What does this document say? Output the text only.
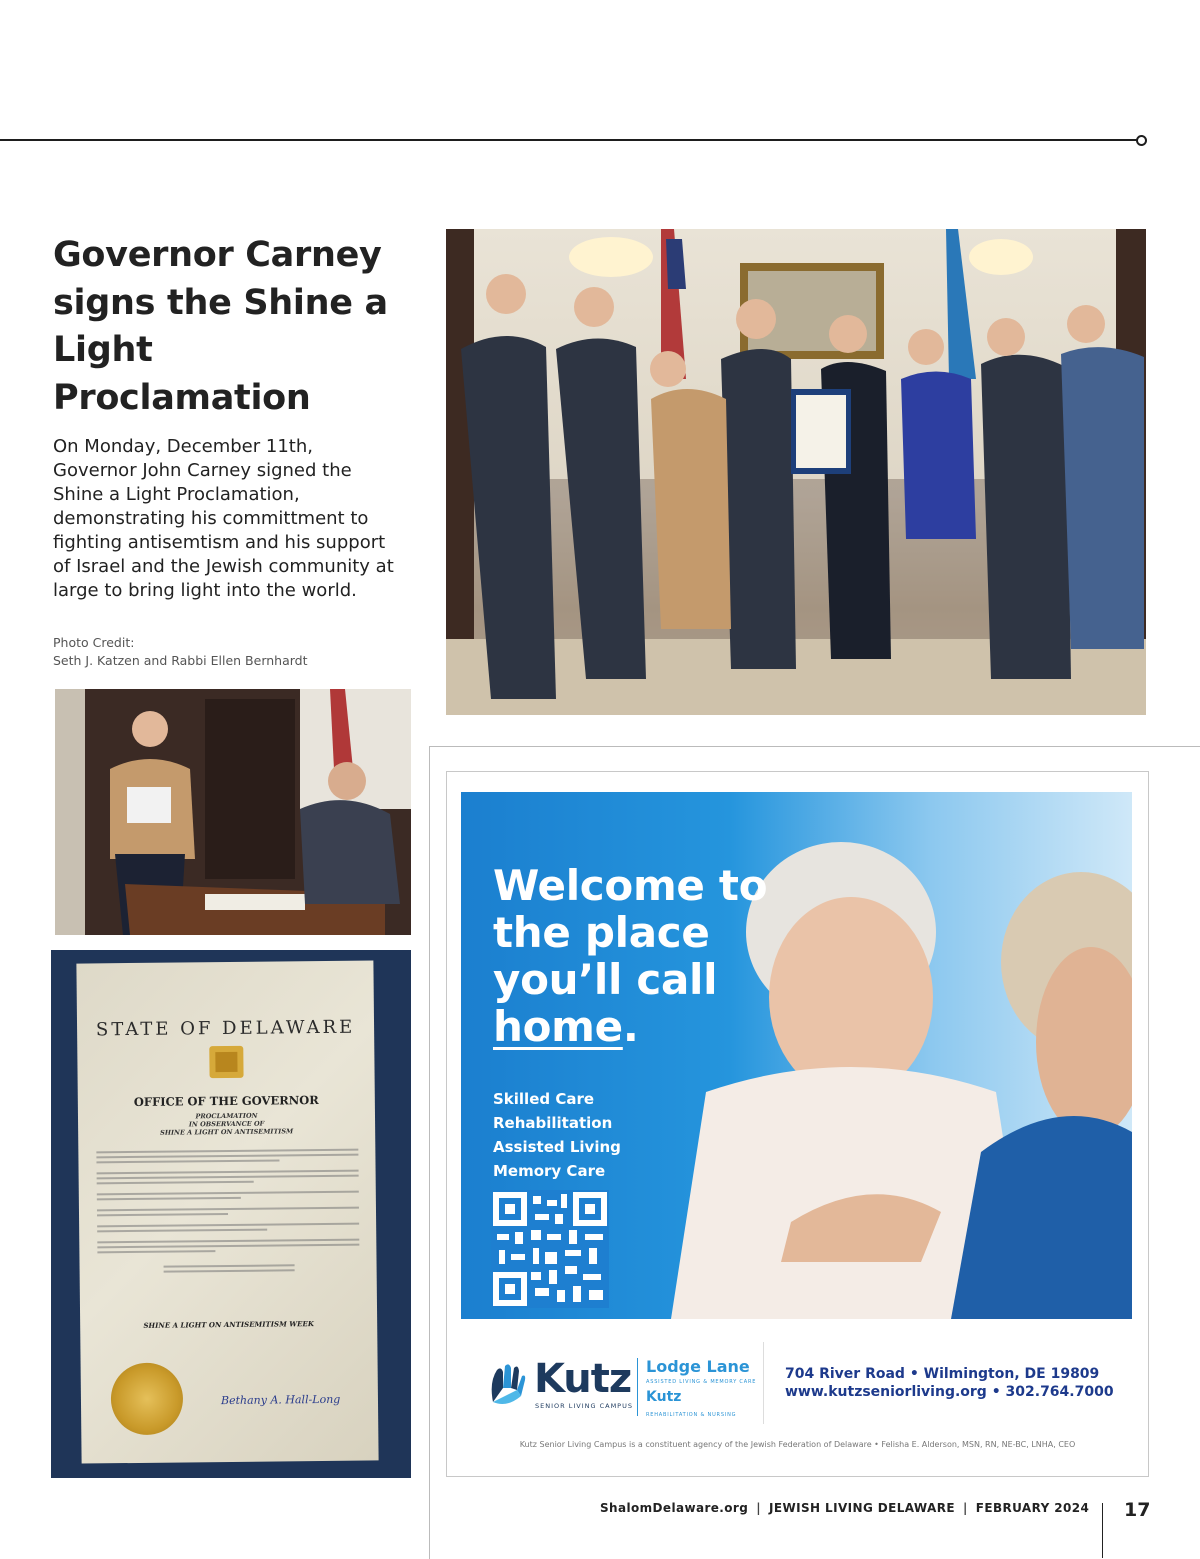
Governor Carney signs the Shine a Light Proclamation

On Monday, December 11th, Governor John Carney signed the Shine a Light Proclamation, demonstrating his committment to fighting antisemtism and his support of Israel and the Jewish community at large to bring light into the world.

Photo Credit:
Seth J. Katzen and Rabbi Ellen Bernhardt
STATE OF DELAWARE
OFFICE OF THE GOVERNOR
PROCLAMATION
IN OBSERVANCE OF
SHINE A LIGHT ON ANTISEMITISM
SHINE A LIGHT ON ANTISEMITISM WEEK
Bethany A. Hall-Long
Welcome to
the place
you’ll call
home.
Skilled Care
Rehabilitation
Assisted Living
Memory Care
Kutz
SENIOR LIVING CAMPUS
Lodge Lane
ASSISTED LIVING & MEMORY CARE
Kutz
REHABILITATION & NURSING
704 River Road • Wilmington, DE 19809
www.kutzseniorliving.org • 302.764.7000
Kutz Senior Living Campus is a constituent agency of the Jewish Federation of Delaware • Felisha E. Alderson, MSN, RN, NE-BC, LNHA, CEO
ShalomDelaware.org | JEWISH LIVING DELAWARE | FEBRUARY 2024 17
